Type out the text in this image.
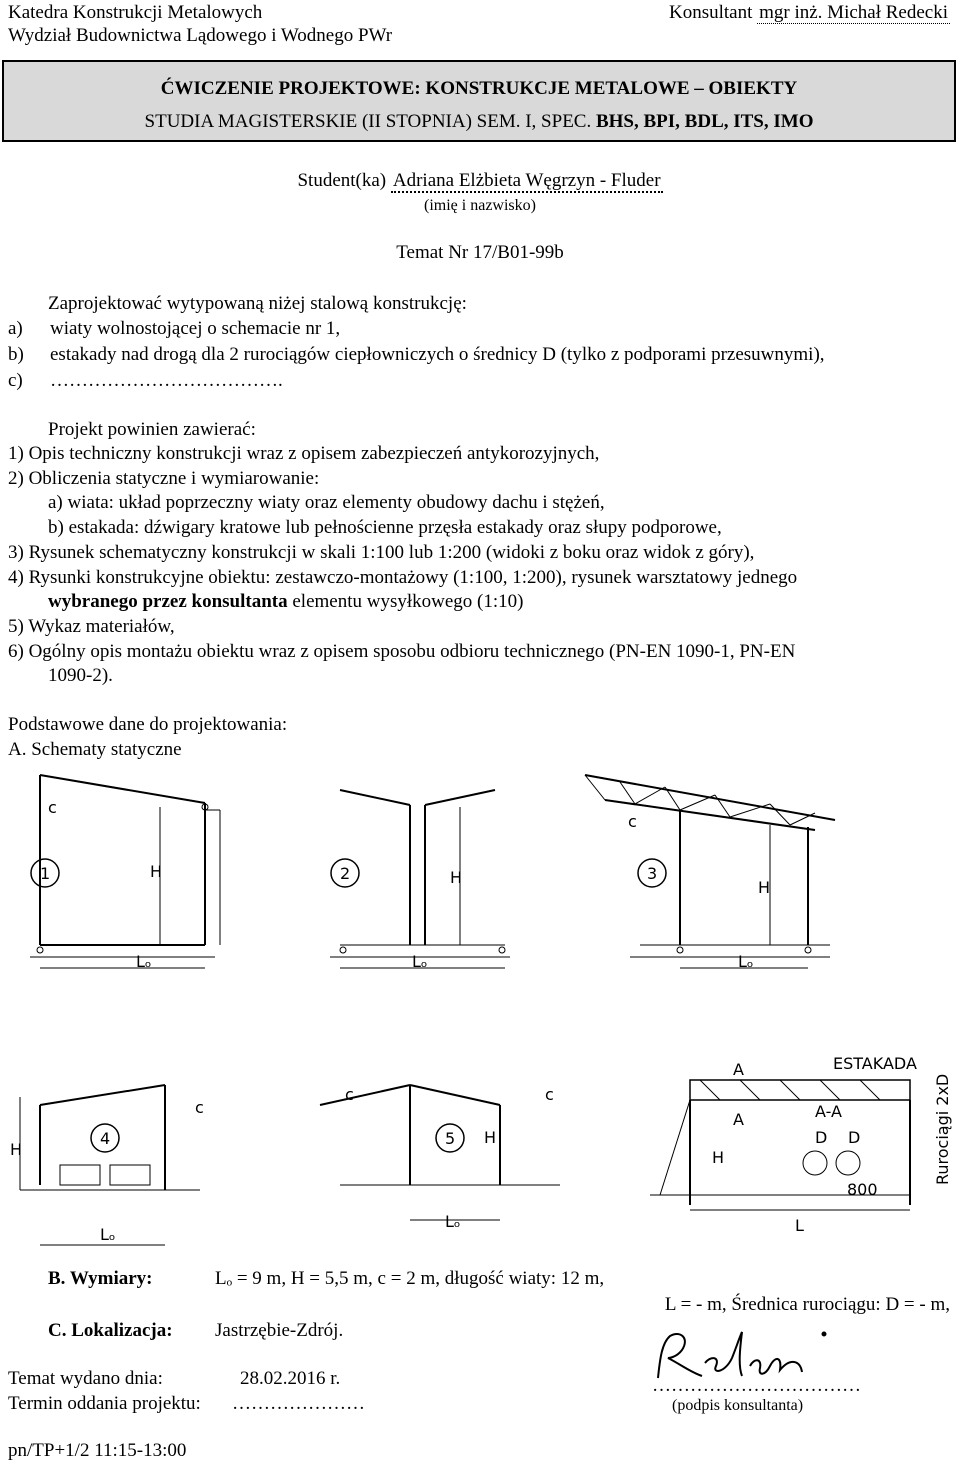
Katedra Konstrukcji Metalowych
Wydział Budownictwa Lądowego i Wodnego PWr
Konsultant mgr inż. Michał Redecki
ĆWICZENIE PROJEKTOWE: KONSTRUKCJE METALOWE – OBIEKTY
STUDIA MAGISTERSKIE (II STOPNIA) SEM. I, SPEC. BHS, BPI, BDL, ITS, IMO
Student(ka) Adriana Elżbieta Węgrzyn - Fluder
(imię i nazwisko)
Temat Nr 17/B01-99b
Zaprojektować wytypowaną niżej stalową konstrukcję:
a) wiaty wolnostojącej o schemacie nr 1,
b) estakady nad drogą dla 2 rurociągów ciepłowniczych o średnicy D (tylko z podporami przesuwnymi),
c) ……………………………….
Projekt powinien zawierać:
1) Opis techniczny konstrukcji wraz z opisem zabezpieczeń antykorozyjnych,
2) Obliczenia statyczne i wymiarowanie:
a) wiata: układ poprzeczny wiaty oraz elementy obudowy dachu i stężeń,
b) estakada: dźwigary kratowe lub pełnościenne przęsła estakady oraz słupy podporowe,
3) Rysunek schematyczny konstrukcji w skali 1:100 lub 1:200 (widoki z boku oraz widok z góry),
4) Rysunki konstrukcyjne obiektu: zestawczo-montażowy (1:100, 1:200), rysunek warsztatowy jednego
wybranego przez konsultanta elementu wysyłkowego (1:10)
5) Wykaz materiałów,
6) Ogólny opis montażu obiektu wraz z opisem sposobu odbioru technicznego (PN-EN 1090-1, PN-EN
1090-2).
Podstawowe dane do projektowania:
A. Schematy statyczne
1
c
H
Lₒ
2	H
Lₒ
3
c
H
Lₒ
4
c
H
Lₒ
5
c	c
H
Lₒ
ESTAKADA
A
A	A-A
D D
800
H
L
Rurociągi 2xD
B. Wymiary:	Lₒ = 9 m, H = 5,5 m, c = 2 m, długość wiaty: 12 m,
L = - m, Średnica rurociągu: D = - m,
C. Lokalizacja: Jastrzębie-Zdrój.
Temat wydano dnia:	28.02.2016 r.
Termin oddania projektu: …………………
……………………………
(podpis konsultanta)
pn/TP+1/2 11:15-13:00
